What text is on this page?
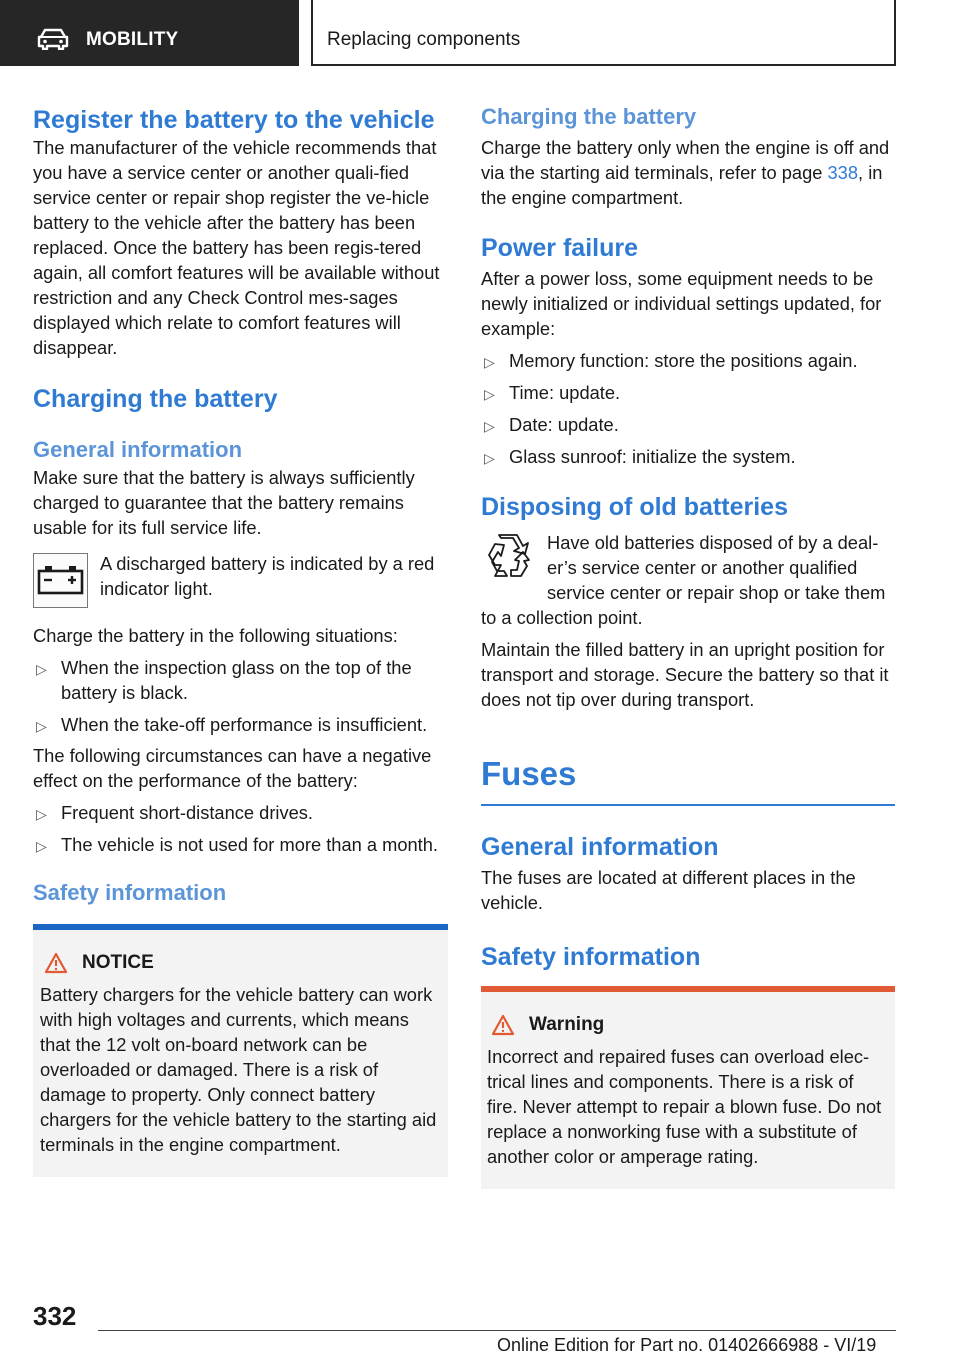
MOBILITY	Replacing components
Register the battery to the vehicle

The manufacturer of the vehicle recommends that you have a service center or another quali‐fied service center or repair shop register the ve‐hicle battery to the vehicle after the battery has been replaced. Once the battery has been regis‐tered again, all comfort features will be available without restriction and any Check Control mes‐sages displayed which relate to comfort features will disappear.

Charging the battery
General information

Make sure that the battery is always sufficiently charged to guarantee that the battery remains usable for its full service life.

A discharged battery is indicated by a red indicator light.

Charge the battery in the following situations:

▷ When the inspection glass on the top of the battery is black.
▷ When the take-off performance is insufficient.

The following circumstances can have a negative effect on the performance of the battery:

▷ Frequent short-distance drives.
▷ The vehicle is not used for more than a month.
Safety information
NOTICE

Battery chargers for the vehicle battery can work with high voltages and currents, which means that the 12 volt on-board network can be overloaded or damaged. There is a risk of damage to property. Only connect battery chargers for the vehicle battery to the starting aid terminals in the engine compartment.

Charging the battery

Charge the battery only when the engine is off and via the starting aid terminals, refer to page 338, in the engine compartment.

Power failure

After a power loss, some equipment needs to be newly initialized or individual settings updated, for example:

▷ Memory function: store the positions again.
▷ Time: update.
▷ Date: update.
▷ Glass sunroof: initialize the system.
Disposing of old batteries

Have old batteries disposed of by a deal‐er’s service center or another qualified service center or repair shop or take them to a collection point.

Maintain the filled battery in an upright position for transport and storage. Secure the battery so that it does not tip over during transport.

Fuses
General information

The fuses are located at different places in the vehicle.

Safety information
Warning

Incorrect and repaired fuses can overload elec‐trical lines and components. There is a risk of fire. Never attempt to repair a blown fuse. Do not replace a nonworking fuse with a substitute of another color or amperage rating.

332
Online Edition for Part no. 01402666988 - VI/19
